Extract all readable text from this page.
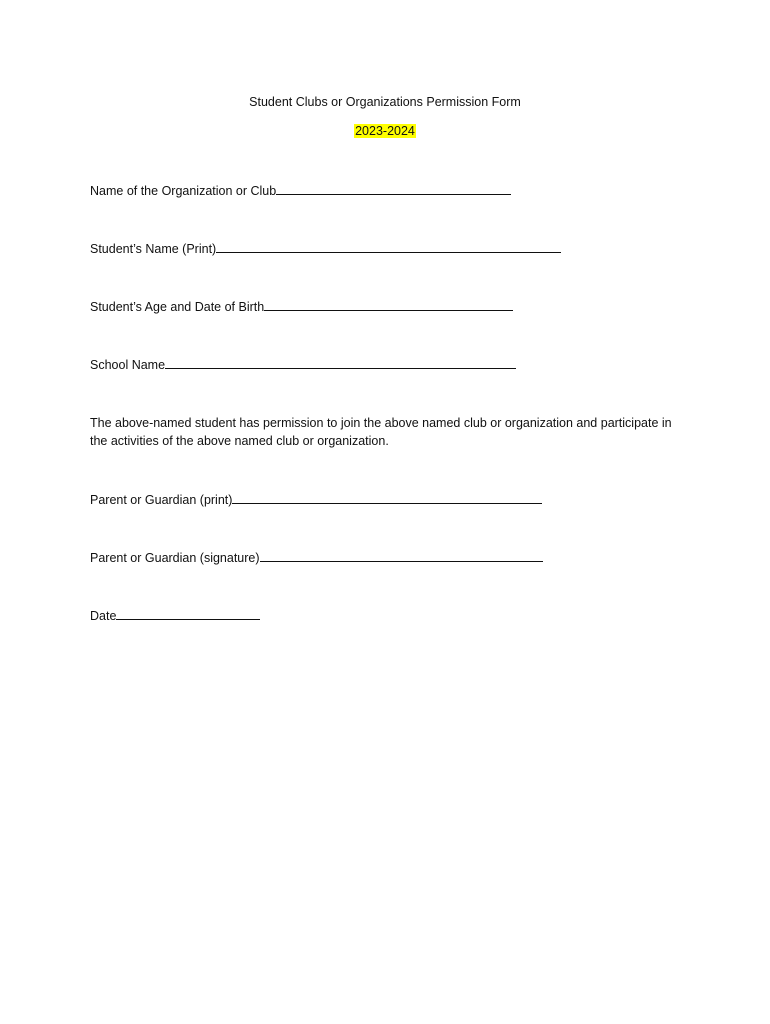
Student Clubs or Organizations Permission Form
2023-2024
Name of the Organization or Club
Student’s Name (Print)
Student’s Age and Date of Birth
School Name
The above-named student has permission to join the above named club or organization and participate in the activities of the above named club or organization.
Parent or Guardian (print)
Parent or Guardian (signature)
Date
